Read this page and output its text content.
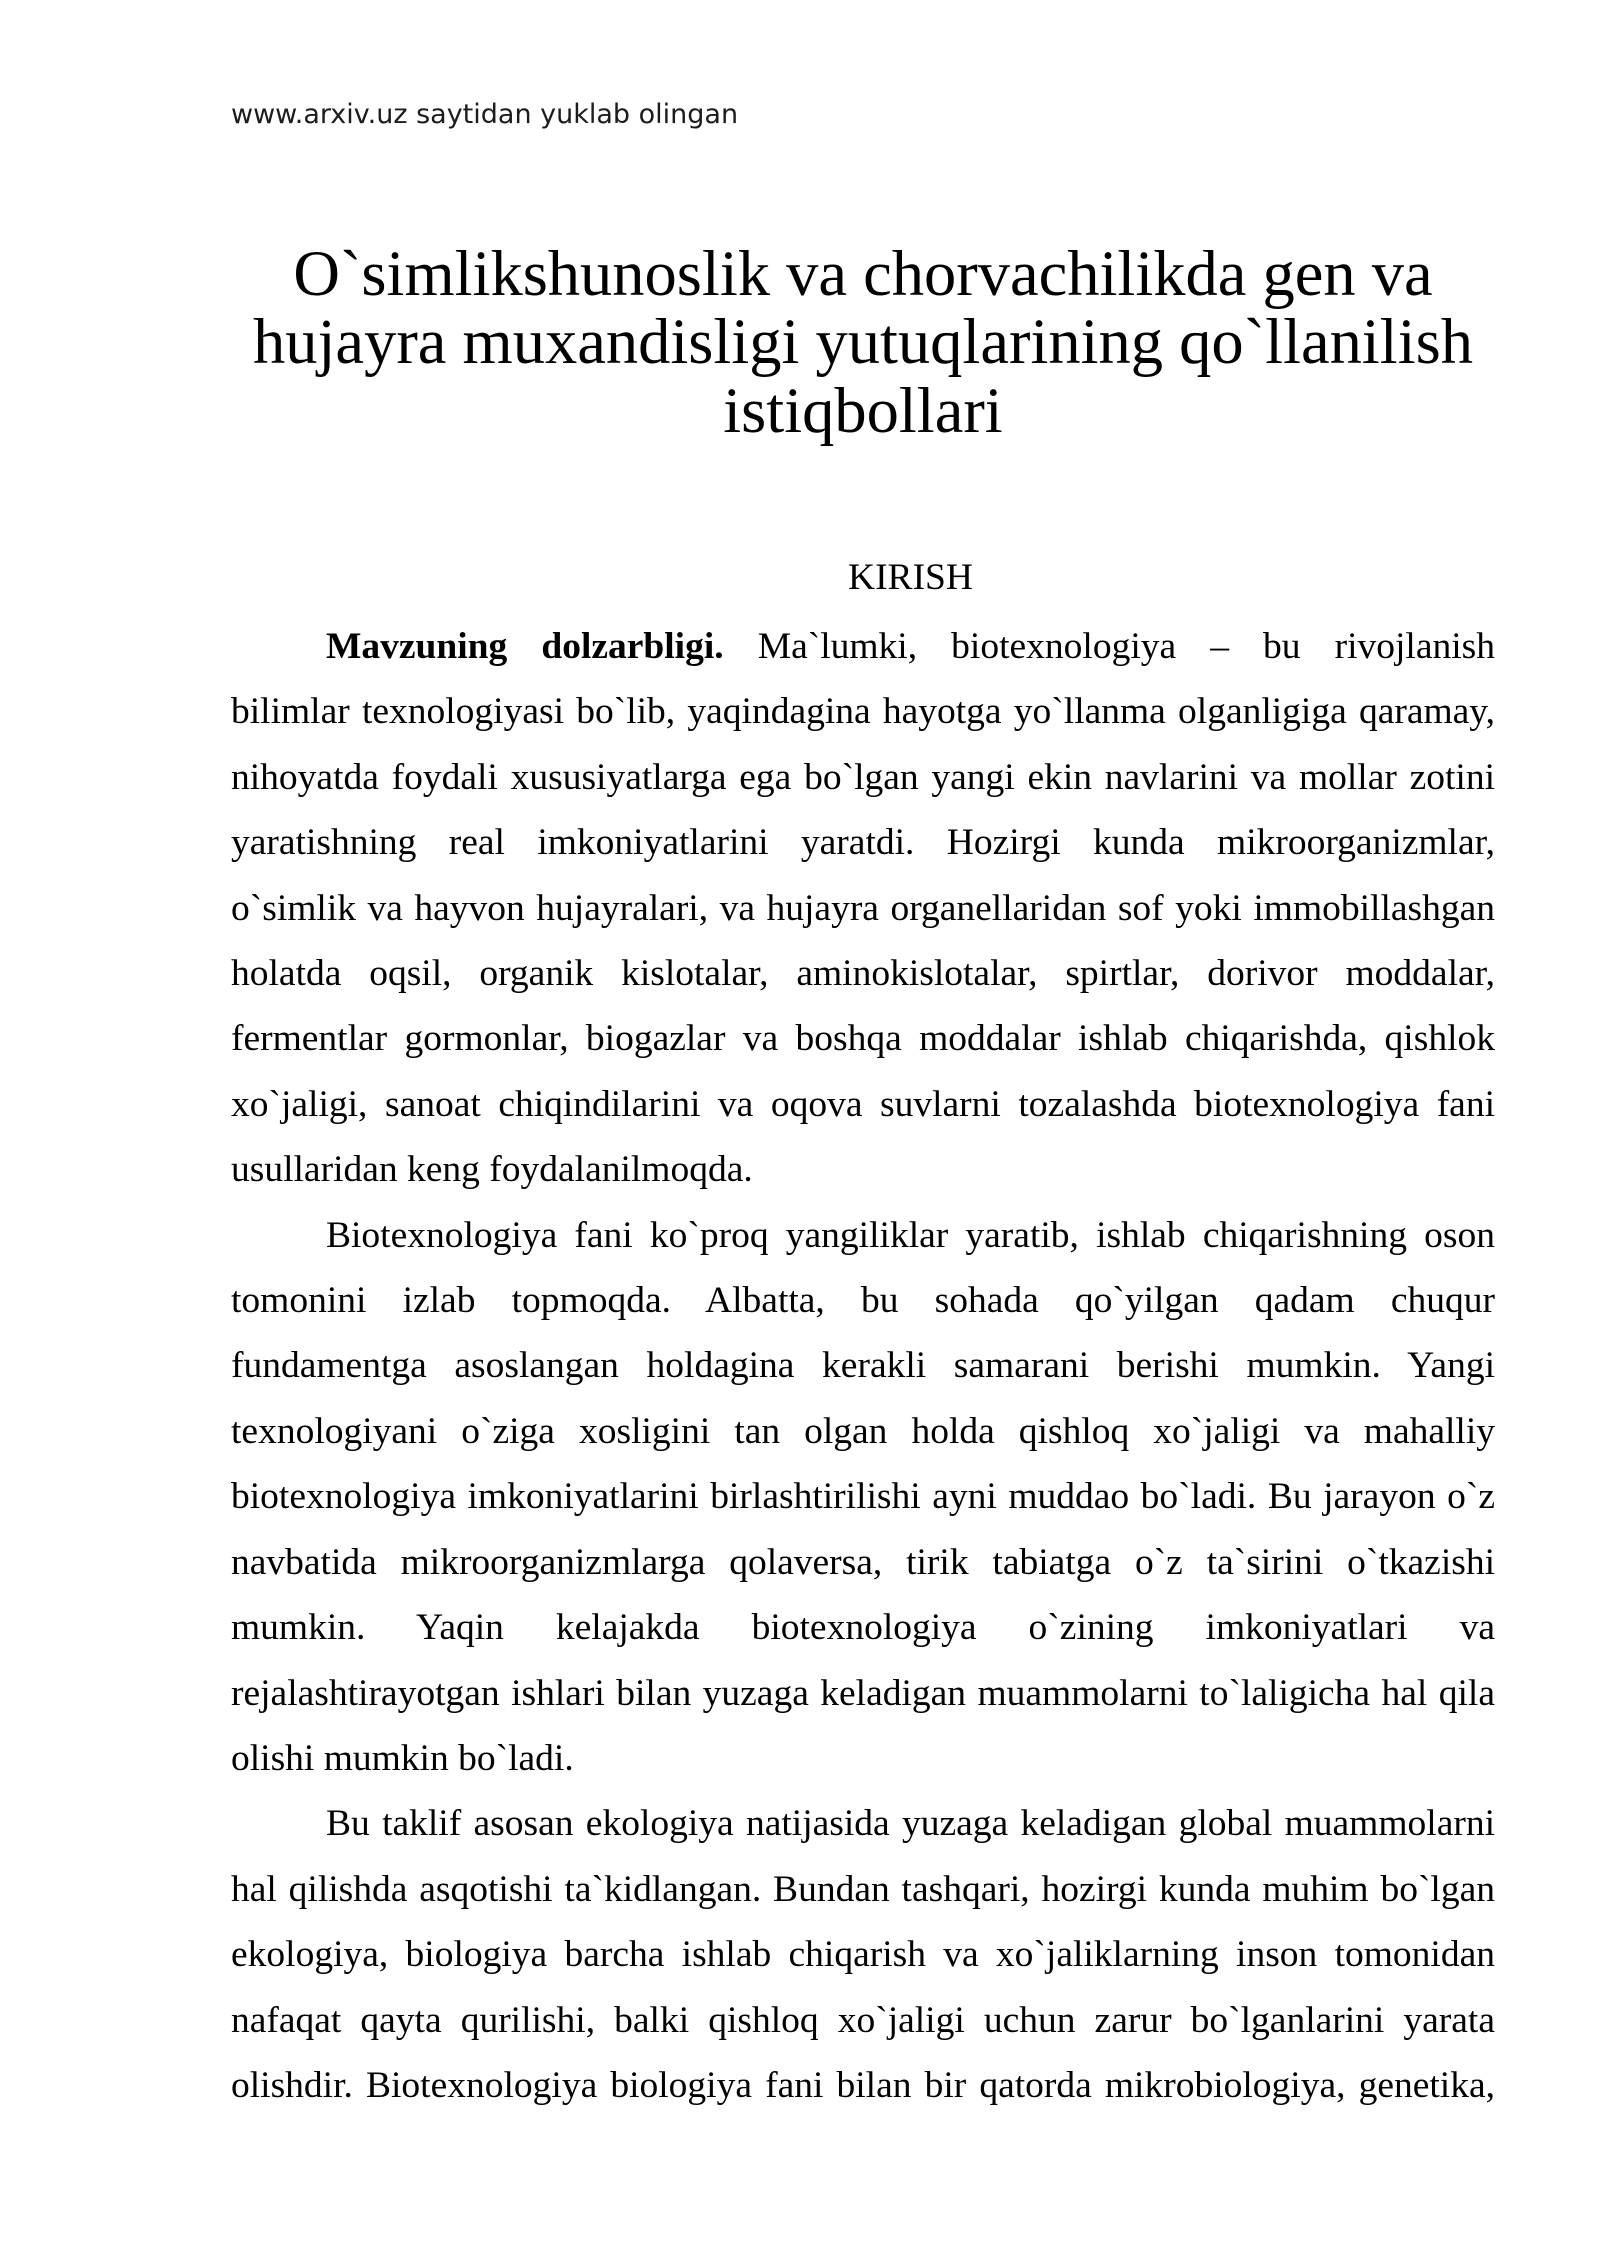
www.arxiv.uz saytidan yuklab olingan
O`simlikshunoslik va chorvachilikda gen va hujayra muxandisligi yutuqlarining qo`llanilish istiqbollari
KIRISH
Mavzuning dolzarbligi. Ma`lumki, biotexnologiya – bu rivojlanish
bilimlar texnologiyasi bo`lib, yaqindagina hayotga yo`llanma olganligiga qaramay,
nihoyatda foydali xususiyatlarga ega bo`lgan yangi ekin navlarini va mollar zotini
yaratishning real imkoniyatlarini yaratdi. Hozirgi kunda mikroorganizmlar,
o`simlik va hayvon hujayralari, va hujayra organellaridan sof yoki immobillashgan
holatda oqsil, organik kislotalar, aminokislotalar, spirtlar, dorivor moddalar,
fermentlar gormonlar, biogazlar va boshqa moddalar ishlab chiqarishda, qishlok
xo`jaligi, sanoat chiqindilarini va oqova suvlarni tozalashda biotexnologiya fani
usullaridan keng foydalanilmoqda.
Biotexnologiya fani ko`proq yangiliklar yaratib, ishlab chiqarishning oson
tomonini izlab topmoqda. Albatta, bu sohada qo`yilgan qadam chuqur
fundamentga asoslangan holdagina kerakli samarani berishi mumkin. Yangi
texnologiyani o`ziga xosligini tan olgan holda qishloq xo`jaligi va mahalliy
biotexnologiya imkoniyatlarini birlashtirilishi ayni muddao bo`ladi. Bu jarayon o`z
navbatida mikroorganizmlarga qolaversa, tirik tabiatga o`z ta`sirini o`tkazishi
mumkin. Yaqin kelajakda biotexnologiya o`zining imkoniyatlari va
rejalashtirayotgan ishlari bilan yuzaga keladigan muammolarni to`laligicha hal qila
olishi mumkin bo`ladi.
Bu taklif asosan ekologiya natijasida yuzaga keladigan global muammolarni
hal qilishda asqotishi ta`kidlangan. Bundan tashqari, hozirgi kunda muhim bo`lgan
ekologiya, biologiya barcha ishlab chiqarish va xo`jaliklarning inson tomonidan
nafaqat qayta qurilishi, balki qishloq xo`jaligi uchun zarur bo`lganlarini yarata
olishdir. Biotexnologiya biologiya fani bilan bir qatorda mikrobiologiya, genetika,
